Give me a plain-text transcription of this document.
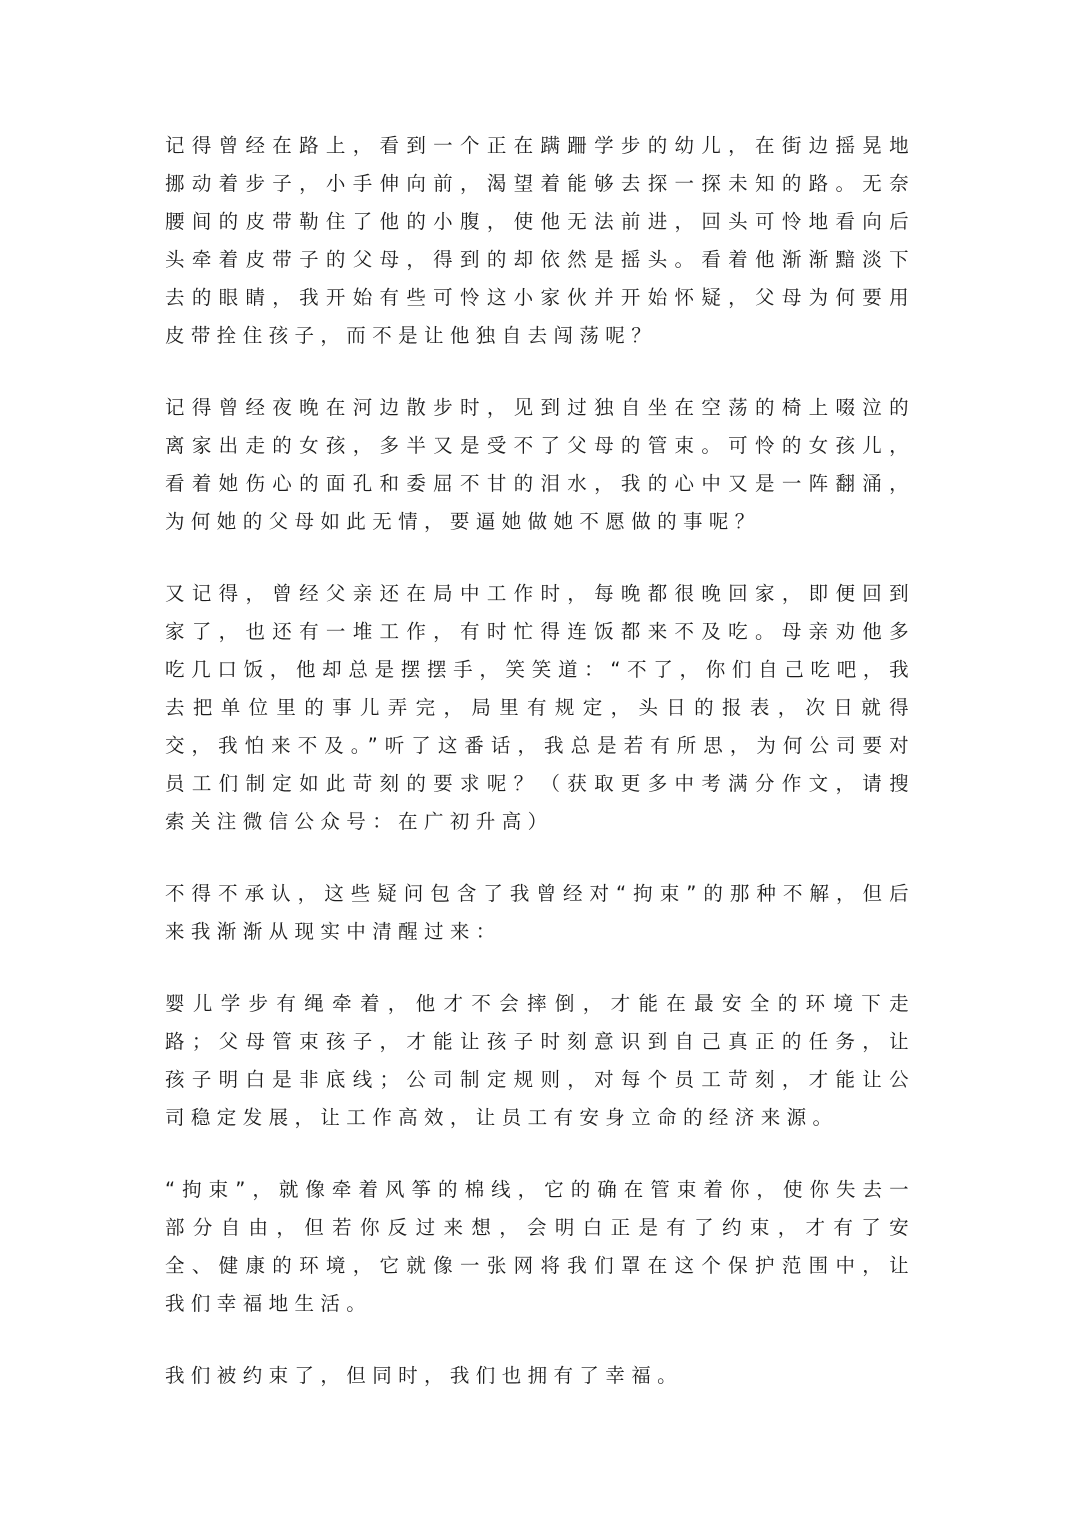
记得曾经在路上，看到一个正在蹒跚学步的幼儿，在街边摇晃地挪动着步子，小手伸向前，渴望着能够去探一探未知的路。无奈腰间的皮带勒住了他的小腹，使他无法前进，回头可怜地看向后头牵着皮带子的父母，得到的却依然是摇头。看着他渐渐黯淡下去的眼睛，我开始有些可怜这小家伙并开始怀疑，父母为何要用皮带拴住孩子，而不是让他独自去闯荡呢？

记得曾经夜晚在河边散步时，见到过独自坐在空荡的椅上啜泣的离家出走的女孩，多半又是受不了父母的管束。可怜的女孩儿，看着她伤心的面孔和委屈不甘的泪水，我的心中又是一阵翻涌，为何她的父母如此无情，要逼她做她不愿做的事呢？

又记得，曾经父亲还在局中工作时，每晚都很晚回家，即便回到家了，也还有一堆工作，有时忙得连饭都来不及吃。母亲劝他多吃几口饭，他却总是摆摆手，笑笑道：“不了，你们自己吃吧，我去把单位里的事儿弄完，局里有规定，头日的报表，次日就得交，我怕来不及。”听了这番话，我总是若有所思，为何公司要对员工们制定如此苛刻的要求呢？（获取更多中考满分作文，请搜索关注微信公众号：在广初升高）

不得不承认，这些疑问包含了我曾经对“拘束”的那种不解，但后来我渐渐从现实中清醒过来：

婴儿学步有绳牵着，他才不会摔倒，才能在最安全的环境下走路；父母管束孩子，才能让孩子时刻意识到自己真正的任务，让孩子明白是非底线；公司制定规则，对每个员工苛刻，才能让公司稳定发展，让工作高效，让员工有安身立命的经济来源。

“拘束”，就像牵着风筝的棉线，它的确在管束着你，使你失去一部分自由，但若你反过来想，会明白正是有了约束，才有了安全、健康的环境，它就像一张网将我们罩在这个保护范围中，让我们幸福地生活。

我们被约束了，但同时，我们也拥有了幸福。
